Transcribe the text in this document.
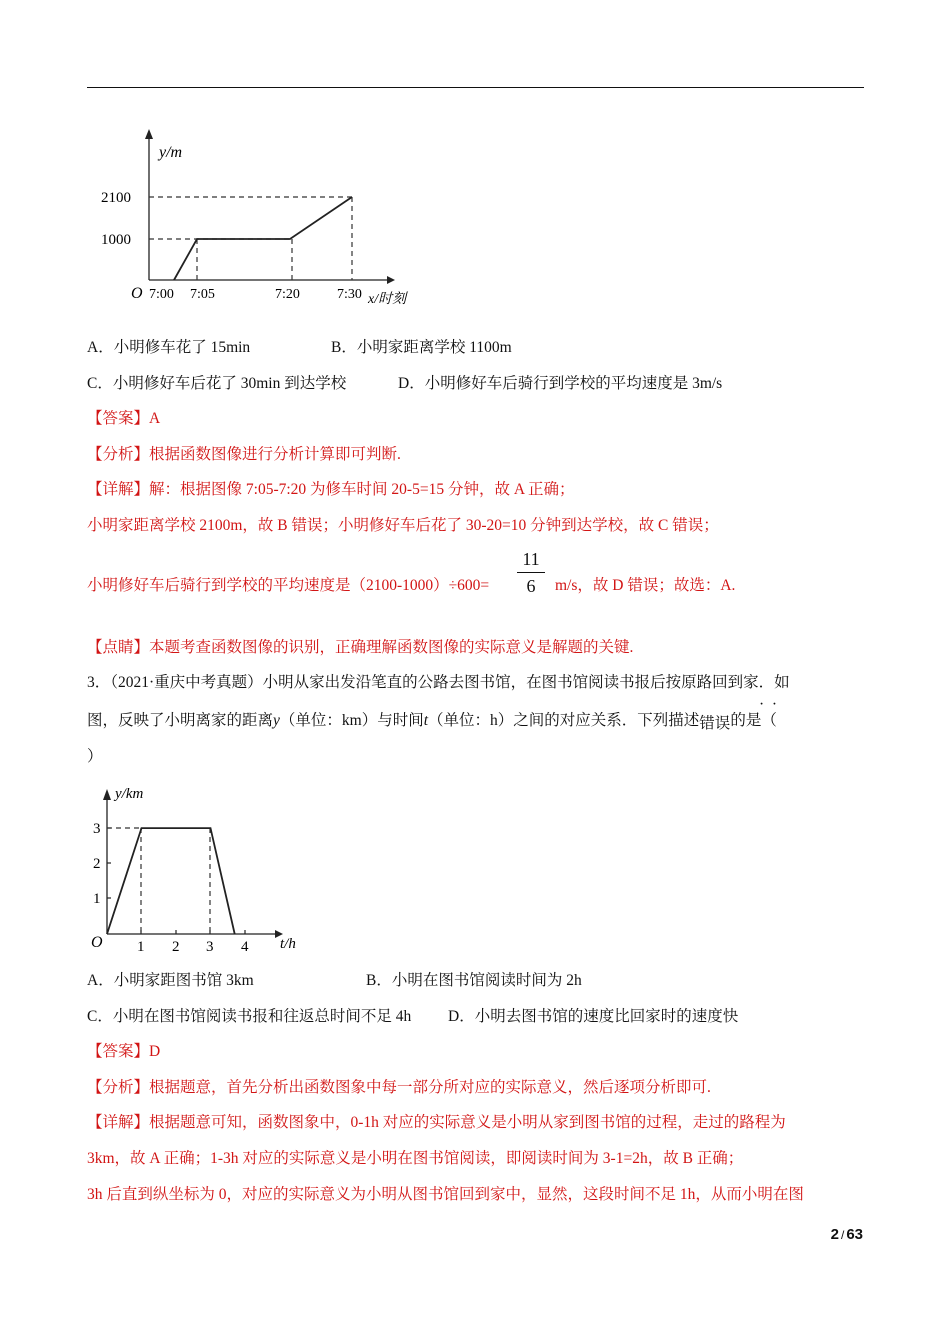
y/m
2100
1000
O 7:00 7:05	7:20	7:30 x/时刻
A．小明修车花了 15min	B．小明家距离学校 1100m
C．小明修好车后花了 30min 到达学校	D．小明修好车后骑行到学校的平均速度是 3m/s
【答案】A
【分析】根据函数图像进行分析计算即可判断.
【详解】解：根据图像 7:05-7:20 为修车时间 20-5=15 分钟，故 A 正确；
小明家距离学校 2100m，故 B 错误；小明修好车后花了 30-20=10 分钟到达学校，故 C 错误；
小明修好车后骑行到学校的平均速度是（2100-1000）÷600=
11
6	m/s，故 D 错误；故选：A.
【点睛】本题考查函数图像的识别，正确理解函数图像的实际意义是解题的关键.
3．（2021·重庆中考真题）小明从家出发沿笔直的公路去图书馆，在图书馆阅读书报后按原路回到家．如
图，反映了小明离家的距离y（单位：km）与时间t（单位：h）之间的对应关系．下列描述错误的是（
·  ·
）
y/km
1
2
3
O 1 2 3 4 t/h
A．小明家距图书馆 3km	B．小明在图书馆阅读时间为 2h
C．小明在图书馆阅读书报和往返总时间不足 4h D．小明去图书馆的速度比回家时的速度快
【答案】D
【分析】根据题意，首先分析出函数图象中每一部分所对应的实际意义，然后逐项分析即可.
【详解】根据题意可知，函数图象中，0-1h 对应的实际意义是小明从家到图书馆的过程，走过的路程为
3km，故 A 正确；1-3h 对应的实际意义是小明在图书馆阅读，即阅读时间为 3-1=2h，故 B 正确；
3h 后直到纵坐标为 0，对应的实际意义为小明从图书馆回到家中，显然，这段时间不足 1h，从而小明在图
2 / 63
